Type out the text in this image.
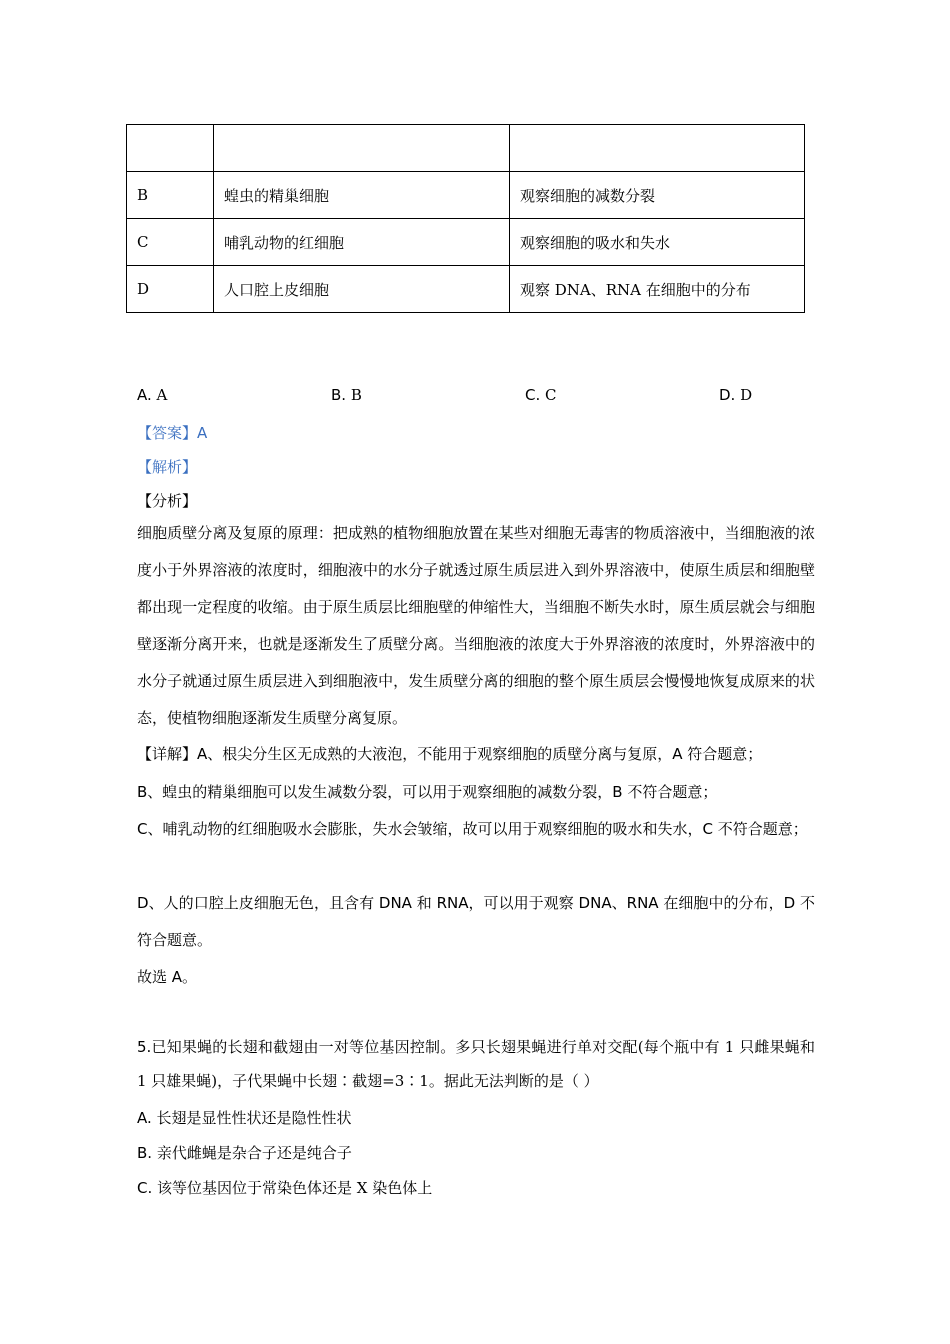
B	蝗虫的精巢细胞	观察细胞的减数分裂
C	哺乳动物的红细胞	观察细胞的吸水和失水
D	人口腔上皮细胞	观察 DNA、RNA 在细胞中的分布
A. A	B. B	C. C	D. D
【答案】A
【解析】
【分析】
细胞质壁分离及复原的原理：把成熟的植物细胞放置在某些对细胞无毒害的物质溶液中，当细胞液的浓度小于外界溶液的浓度时，细胞液中的水分子就透过原生质层进入到外界溶液中，使原生质层和细胞壁都出现一定程度的收缩。由于原生质层比细胞壁的伸缩性大，当细胞不断失水时，原生质层就会与细胞壁逐渐分离开来，也就是逐渐发生了质壁分离。当细胞液的浓度大于外界溶液的浓度时，外界溶液中的水分子就通过原生质层进入到细胞液中，发生质壁分离的细胞的整个原生质层会慢慢地恢复成原来的状态，使植物细胞逐渐发生质壁分离复原。
【详解】A、根尖分生区无成熟的大液泡，不能用于观察细胞的质壁分离与复原，A 符合题意；
B、蝗虫的精巢细胞可以发生减数分裂，可以用于观察细胞的减数分裂，B 不符合题意；
C、哺乳动物的红细胞吸水会膨胀，失水会皱缩，故可以用于观察细胞的吸水和失水，C 不符合题意；
D、人的口腔上皮细胞无色，且含有 DNA 和 RNA，可以用于观察 DNA、RNA 在细胞中的分布，D 不符合题意。
故选 A。
5.已知果蝇的长翅和截翅由一对等位基因控制。多只长翅果蝇进行单对交配(每个瓶中有 1 只雌果蝇和 1 只雄果蝇)，子代果蝇中长翅∶截翅=3∶1。据此无法判断的是（ ）
A. 长翅是显性性状还是隐性性状
B. 亲代雌蝇是杂合子还是纯合子
C. 该等位基因位于常染色体还是 X 染色体上
